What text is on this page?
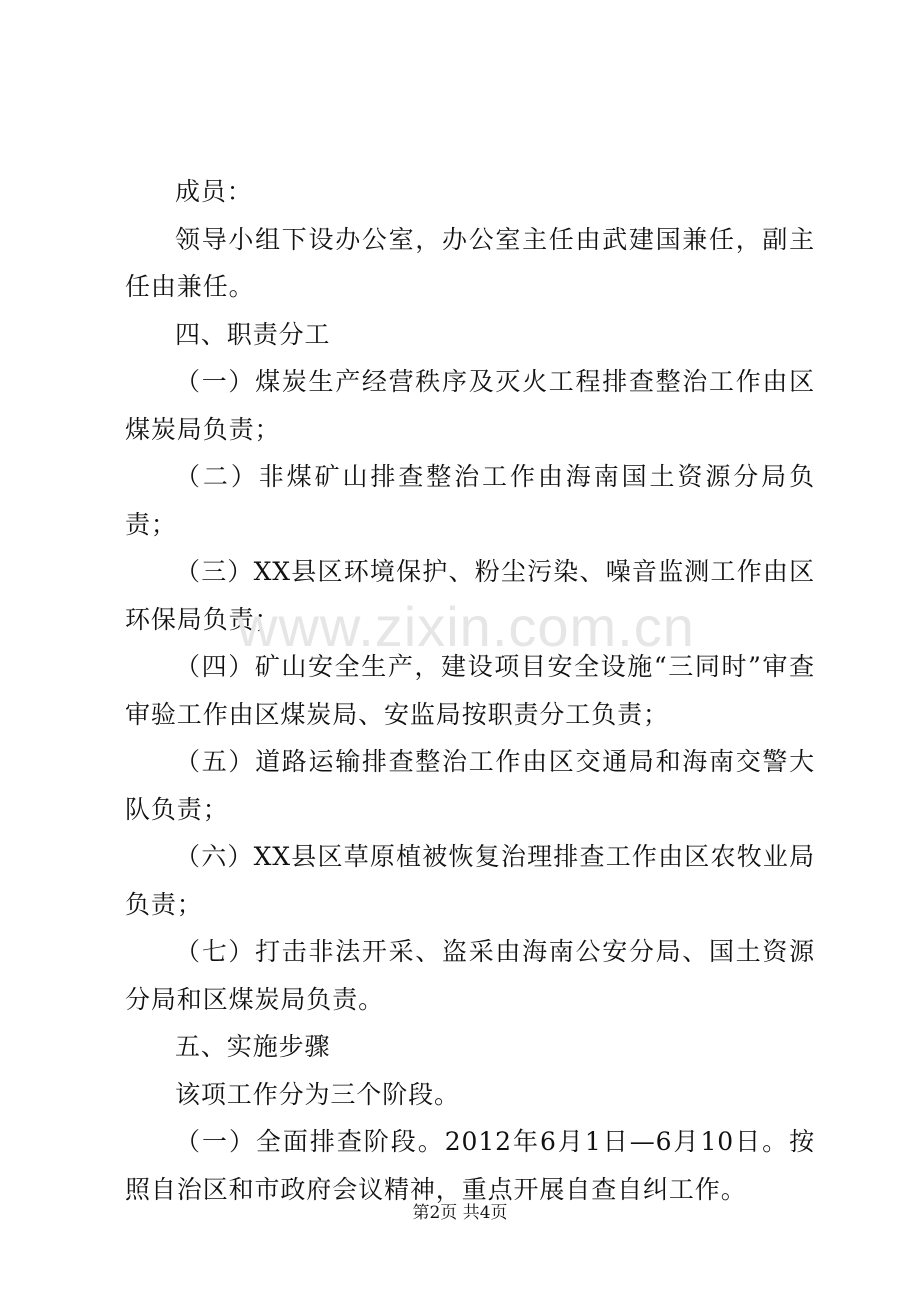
成员：

领导小组下设办公室，办公室主任由武建国兼任，副主任由兼任。

四、职责分工

（一）煤炭生产经营秩序及灭火工程排查整治工作由区煤炭局负责；

（二）非煤矿山排查整治工作由海南国土资源分局负责；

（三）XX县区环境保护、粉尘污染、噪音监测工作由区环保局负责；

（四）矿山安全生产，建设项目安全设施“三同时”审查审验工作由区煤炭局、安监局按职责分工负责；

（五）道路运输排查整治工作由区交通局和海南交警大队负责；

（六）XX县区草原植被恢复治理排查工作由区农牧业局负责；

（七）打击非法开采、盗采由海南公安分局、国土资源分局和区煤炭局负责。

五、实施步骤

该项工作分为三个阶段。

（一）全面排查阶段。2012年6月1日—6月10日。按照自治区和市政府会议精神，重点开展自查自纠工作。

www.zixin.com.cn
第2页 共4页
